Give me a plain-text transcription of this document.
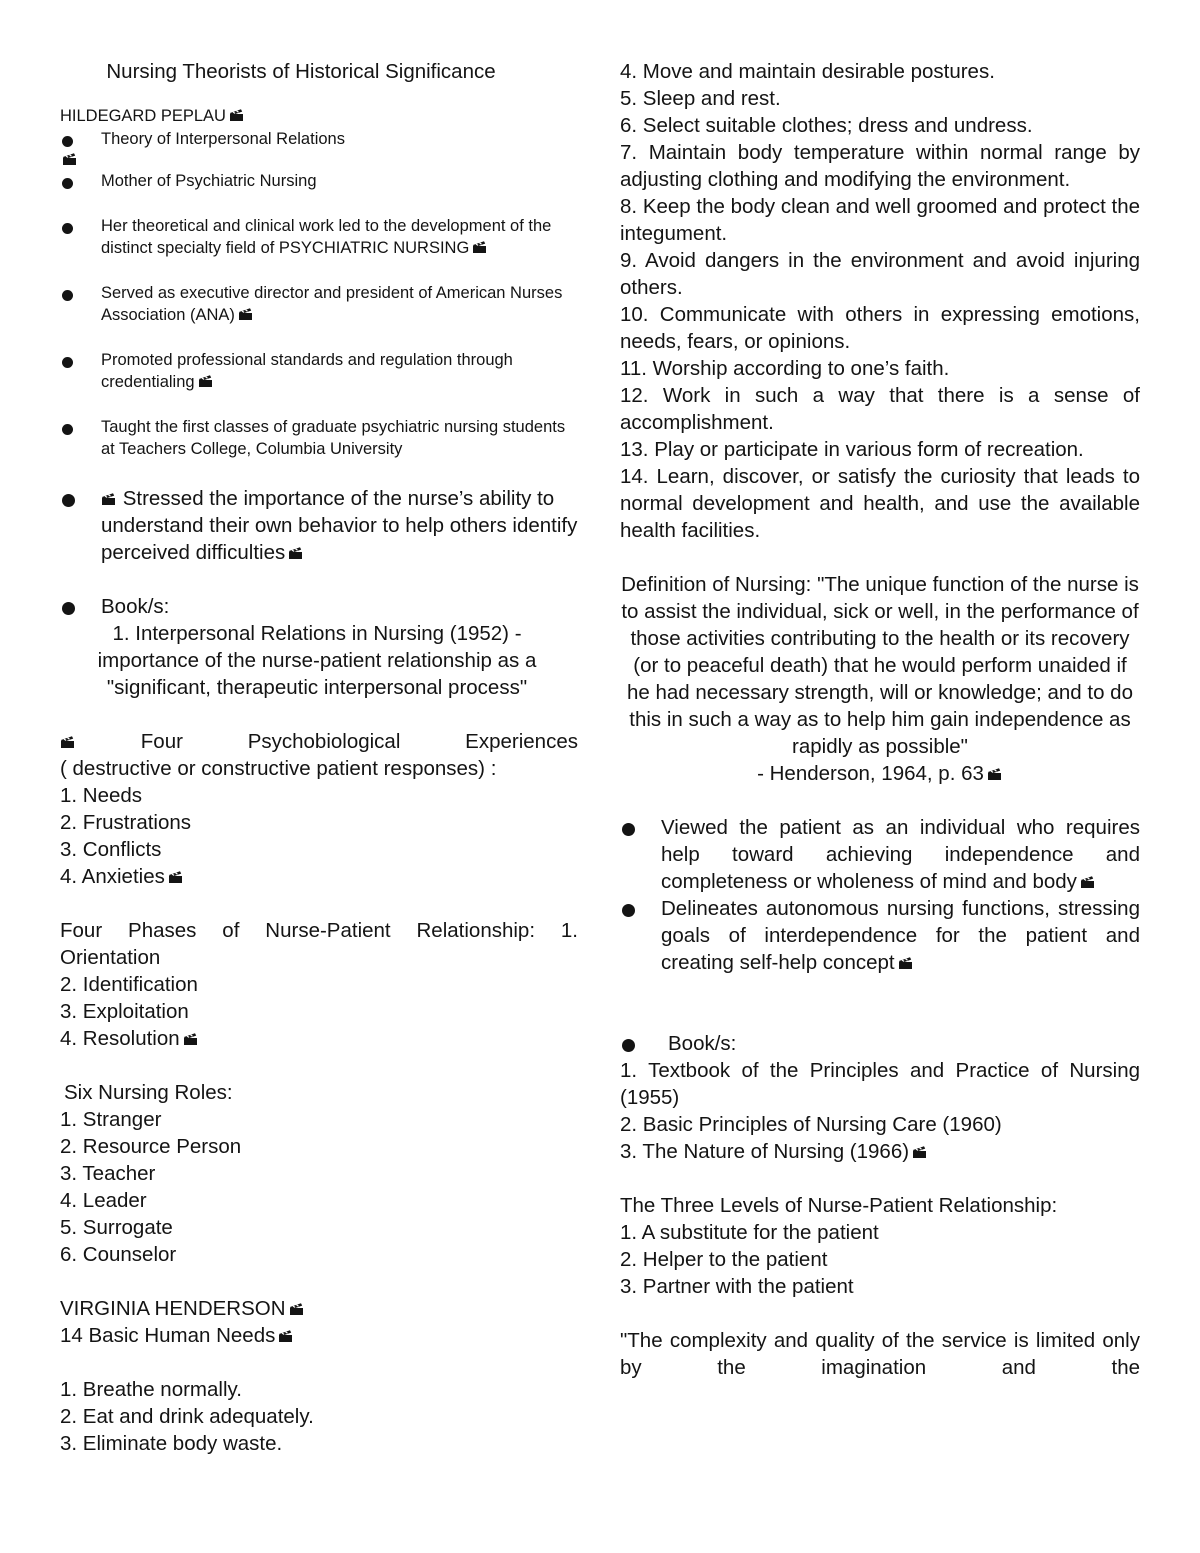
Nursing Theorists of Historical Significance
HILDEGARD PEPLAU
Theory of Interpersonal Relations
Mother of Psychiatric Nursing
Her theoretical and clinical work led to the development of the distinct specialty field of PSYCHIATRIC NURSING
Served as executive director and president of American Nurses Association (ANA)
Promoted professional standards and regulation through credentialing
Taught the first classes of graduate psychiatric nursing students at Teachers College, Columbia University
Stressed the importance of the nurse’s ability to understand their own behavior to help others identify perceived difficulties
Book/s:
1. Interpersonal Relations in Nursing (1952) - importance of the nurse-patient relationship as a "significant, therapeutic interpersonal process"
Four	Psychobiological	Experiences
( destructive or constructive patient responses) :
1. Needs
2. Frustrations
3. Conflicts
4. Anxieties
Four Phases of Nurse-Patient Relationship: 1. Orientation
2. Identification
3. Exploitation
4. Resolution
Six Nursing Roles:
1. Stranger
2. Resource Person
3. Teacher
4. Leader
5. Surrogate
6. Counselor
VIRGINIA HENDERSON
14 Basic Human Needs
1. Breathe normally.
2. Eat and drink adequately.
3. Eliminate body waste.
4. Move and maintain desirable postures.
5. Sleep and rest.
6. Select suitable clothes; dress and undress.
7. Maintain body temperature within normal range by adjusting clothing and modifying the environment.
8. Keep the body clean and well groomed and protect the integument.
9. Avoid dangers in the environment and avoid injuring others.
10. Communicate with others in expressing emotions, needs, fears, or opinions.
11. Worship according to one’s faith.
12. Work in such a way that there is a sense of accomplishment.
13. Play or participate in various form of recreation.
14. Learn, discover, or satisfy the curiosity that leads to normal development and health, and use the available health facilities.
Definition of Nursing: "The unique function of the nurse is to assist the individual, sick or well, in the performance of those activities contributing to the health or its recovery (or to peaceful death) that he would perform unaided if he had necessary strength, will or knowledge; and to do this in such a way as to help him gain independence as rapidly as possible"
- Henderson, 1964, p. 63
Viewed the patient as an individual who requires help toward achieving independence and completeness or wholeness of mind and body
Delineates autonomous nursing functions, stressing goals of interdependence for the patient and creating self-help concept
Book/s:
1. Textbook of the Principles and Practice of Nursing (1955)
2. Basic Principles of Nursing Care (1960)
3. The Nature of Nursing (1966)
The Three Levels of Nurse-Patient Relationship:
1. A substitute for the patient
2. Helper to the patient
3. Partner with the patient
"The complexity and quality of the service is limited only by the imagination and the
